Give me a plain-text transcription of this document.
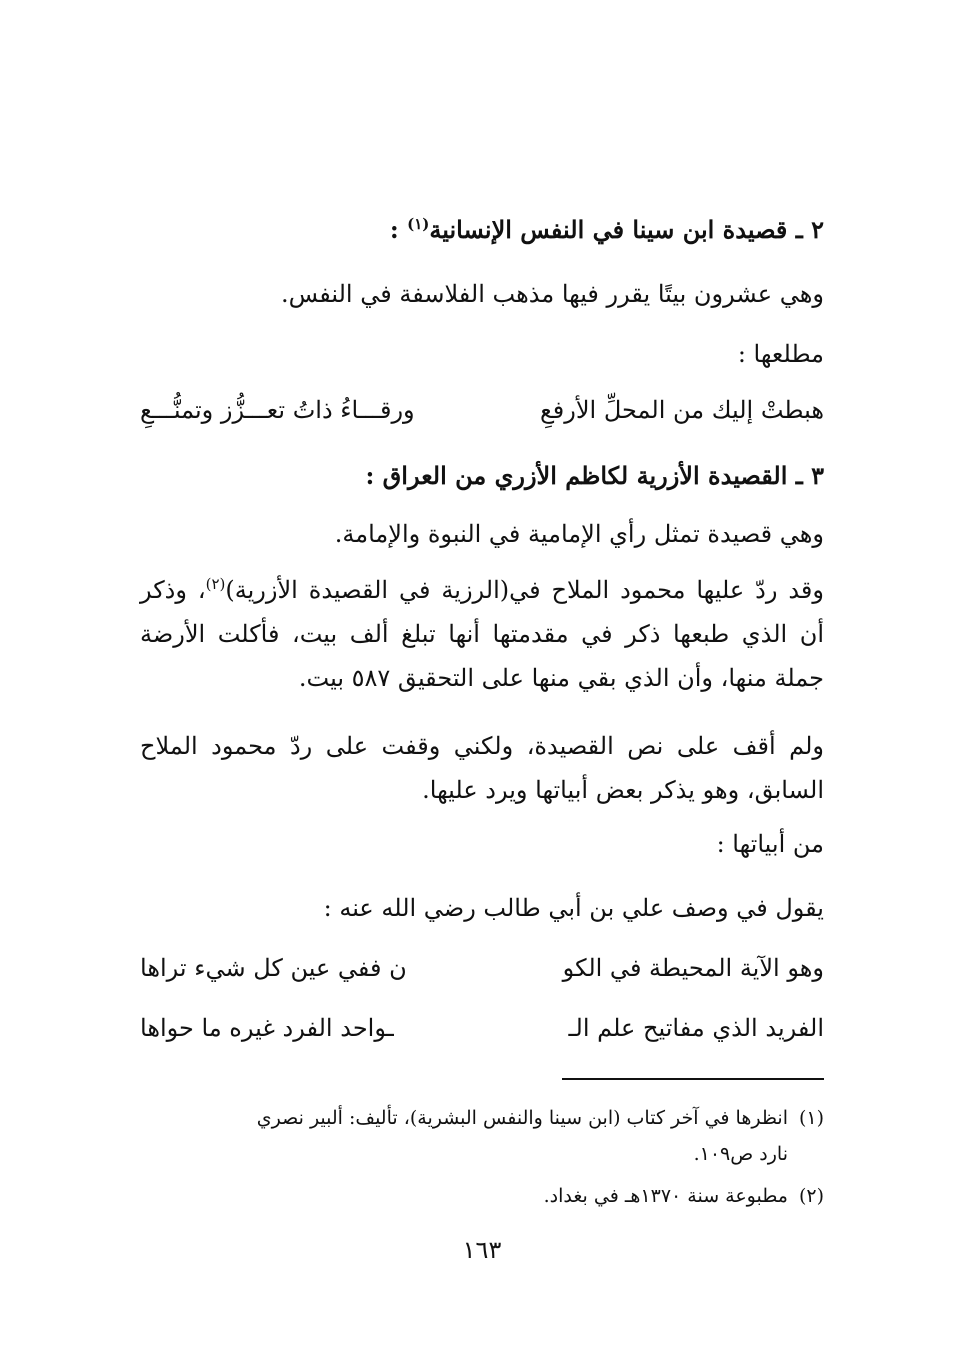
٢ ـ قصيدة ابن سينا في النفس الإنسانية$^{(١)}$ :
وهي عشرون بيتًا يقرر فيها مذهب الفلاسفة في النفس.
مطلعها :
هبطتْ إليك من المحلِّ الأرفعِ
ورقـــاءُ ذاتُ تعـــزُّز وتمنُّـــعِ
٣ ـ القصيدة الأزرية لكاظم الأزري من العراق :
وهي قصيدة تمثل رأي الإمامية في النبوة والإمامة.
وقد ردّ عليها محمود الملاح في(الرزية في القصيدة الأزرية)$^{(٢)}$، وذكر أن الذي طبعها ذكر في مقدمتها أنها تبلغ ألف بيت، فأكلت الأرضة جملة منها، وأن الذي بقي منها على التحقيق ٥٨٧ بيت.
ولم أقف على نص القصيدة، ولكني وقفت على ردّ محمود الملاح السابق، وهو يذكر بعض أبياتها ويرد عليها.
من أبياتها :
يقول في وصف علي بن أبي طالب رضي الله عنه :
وهو الآية المحيطة في الكو
ن ففي عين كل شيء تراها
الفريد الذي مفاتيح علم الـ
ـواحد الفرد غيره ما حواها
(١)انظرها في آخر كتاب (ابن سينا والنفس البشرية)، تأليف: ألبير نصري
نارد ص١٠٩.
(٢)مطبوعة سنة ١٣٧٠هـ في بغداد.
١٦٣
